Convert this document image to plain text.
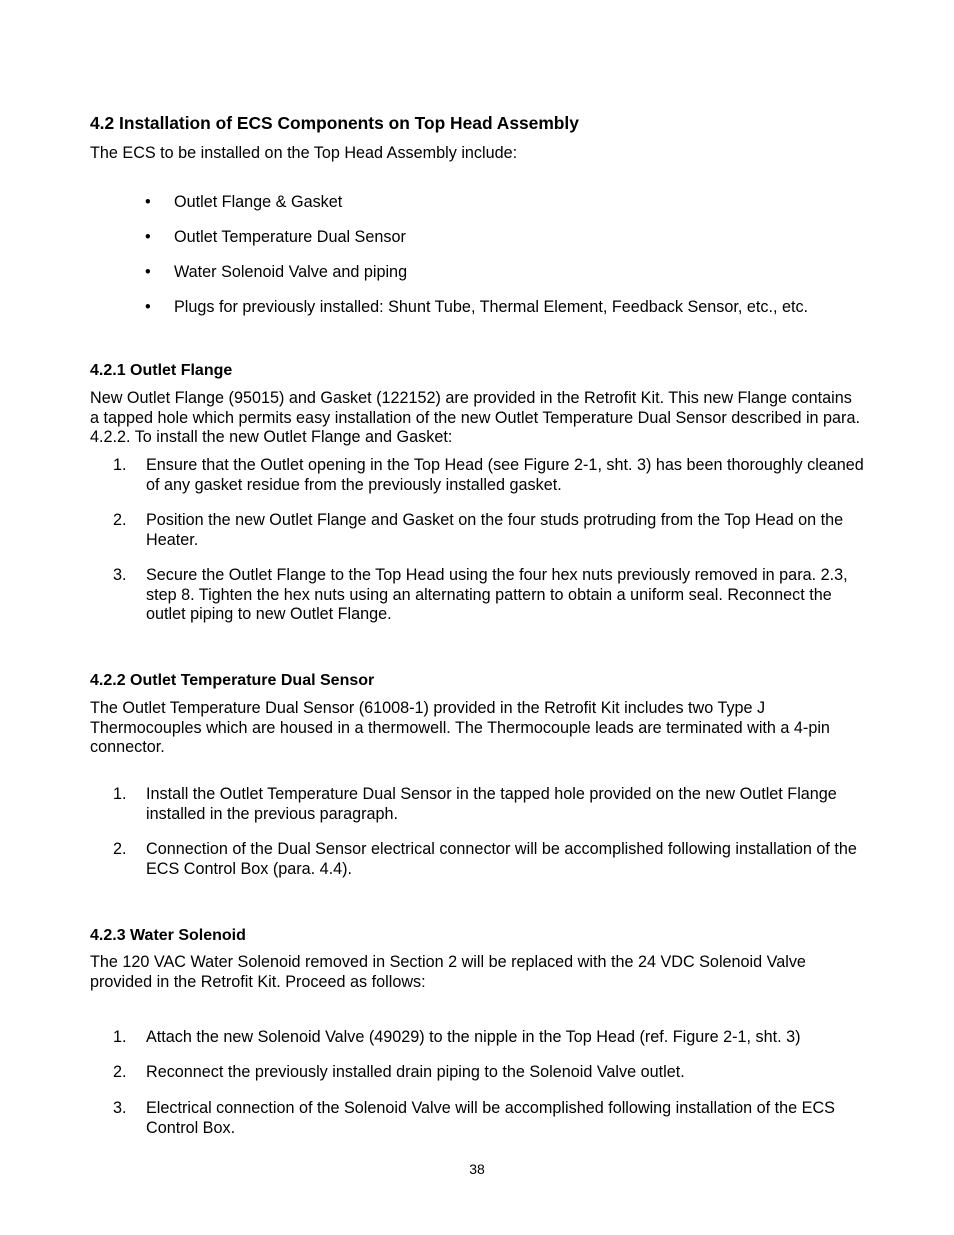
4.2 Installation of ECS Components on Top Head Assembly

The ECS to be installed on the Top Head Assembly include:

• Outlet Flange & Gasket
• Outlet Temperature Dual Sensor
• Water Solenoid Valve and piping
• Plugs for previously installed: Shunt Tube, Thermal Element, Feedback Sensor, etc., etc.
4.2.1 Outlet Flange

New Outlet Flange (95015) and Gasket (122152) are provided in the Retrofit Kit. This new Flange contains a tapped hole which permits easy installation of the new Outlet Temperature Dual Sensor described in para. 4.2.2. To install the new Outlet Flange and Gasket:

1. Ensure that the Outlet opening in the Top Head (see Figure 2-1, sht. 3) has been thoroughly cleaned of any gasket residue from the previously installed gasket.
2. Position the new Outlet Flange and Gasket on the four studs protruding from the Top Head on the Heater.
3. Secure the Outlet Flange to the Top Head using the four hex nuts previously removed in para. 2.3, step 8. Tighten the hex nuts using an alternating pattern to obtain a uniform seal. Reconnect the outlet piping to new Outlet Flange.
4.2.2 Outlet Temperature Dual Sensor

The Outlet Temperature Dual Sensor (61008-1) provided in the Retrofit Kit includes two Type J Thermocouples which are housed in a thermowell. The Thermocouple leads are terminated with a 4-pin connector.

1. Install the Outlet Temperature Dual Sensor in the tapped hole provided on the new Outlet Flange installed in the previous paragraph.
2. Connection of the Dual Sensor electrical connector will be accomplished following installation of the ECS Control Box (para. 4.4).
4.2.3 Water Solenoid

The 120 VAC Water Solenoid removed in Section 2 will be replaced with the 24 VDC Solenoid Valve provided in the Retrofit Kit. Proceed as follows:

1. Attach the new Solenoid Valve (49029) to the nipple in the Top Head (ref. Figure 2-1, sht. 3)
2. Reconnect the previously installed drain piping to the Solenoid Valve outlet.
3. Electrical connection of the Solenoid Valve will be accomplished following installation of the ECS Control Box.
38
